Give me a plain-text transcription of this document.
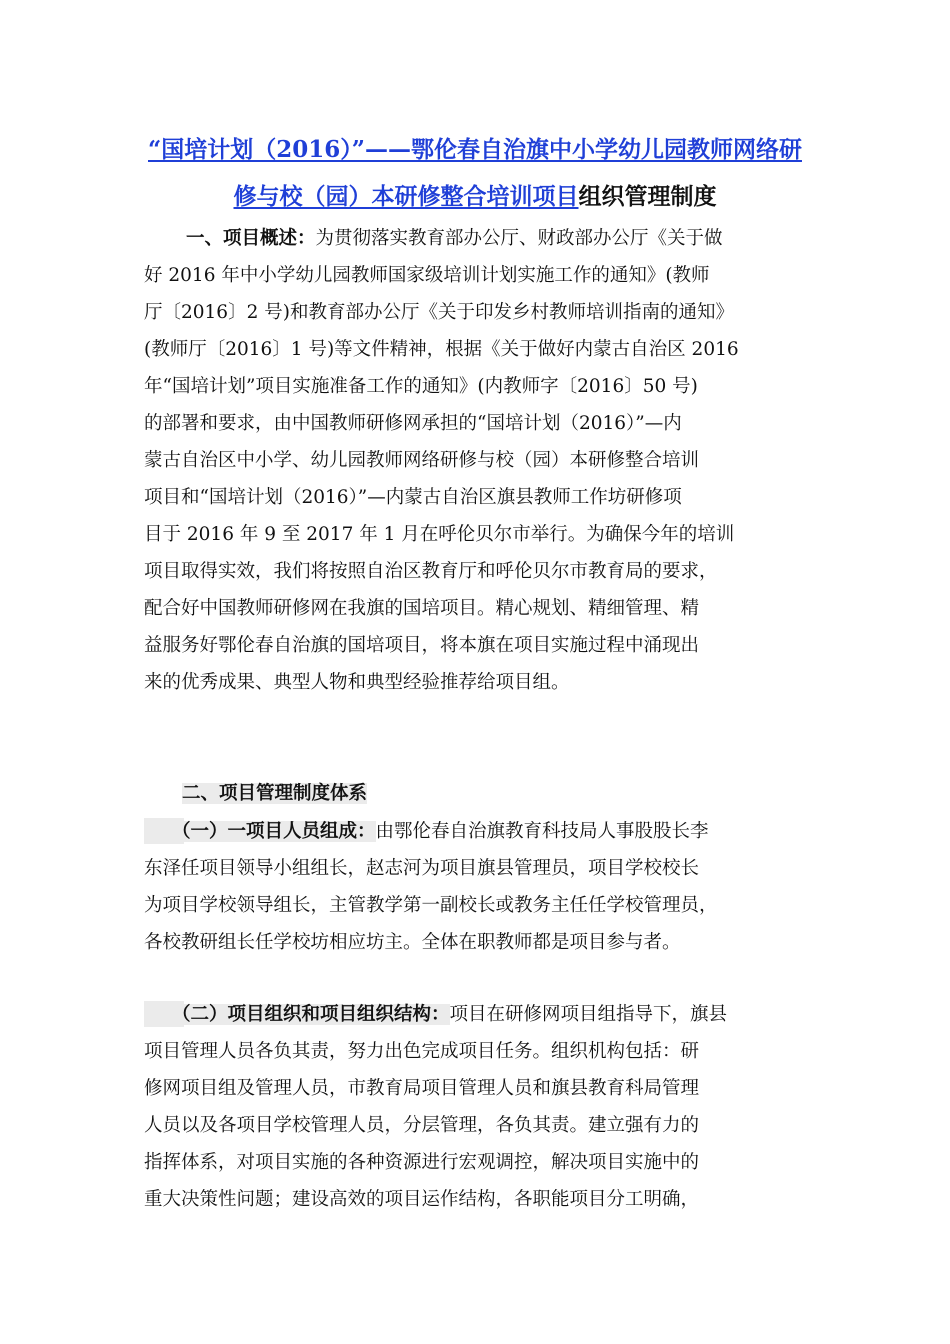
“国培计划（2016）”——鄂伦春自治旗中小学幼儿园教师网络研
修与校（园）本研修整合培训项目组织管理制度
一、项目概述：为贯彻落实教育部办公厅、财政部办公厅《关于做
好 2016 年中小学幼儿园教师国家级培训计划实施工作的通知》(教师
厅〔2016〕2 号)和教育部办公厅《关于印发乡村教师培训指南的通知》
(教师厅〔2016〕1 号)等文件精神，根据《关于做好内蒙古自治区 2016
年“国培计划”项目实施准备工作的通知》(内教师字〔2016〕50 号)
的部署和要求，由中国教师研修网承担的“国培计划（2016）”—内
蒙古自治区中小学、幼儿园教师网络研修与校（园）本研修整合培训
项目和“国培计划（2016）”—内蒙古自治区旗县教师工作坊研修项
目于 2016 年 9 至 2017 年 1 月在呼伦贝尔市举行。为确保今年的培训
项目取得实效，我们将按照自治区教育厅和呼伦贝尔市教育局的要求，
配合好中国教师研修网在我旗的国培项目。精心规划、精细管理、精
益服务好鄂伦春自治旗的国培项目，将本旗在项目实施过程中涌现出
来的优秀成果、典型人物和典型经验推荐给项目组。
二、项目管理制度体系
（一）一项目人员组成：由鄂伦春自治旗教育科技局人事股股长李
东泽任项目领导小组组长，赵志河为项目旗县管理员，项目学校校长
为项目学校领导组长，主管教学第一副校长或教务主任任学校管理员，
各校教研组长任学校坊相应坊主。全体在职教师都是项目参与者。
（二）项目组织和项目组织结构：项目在研修网项目组指导下，旗县
项目管理人员各负其责，努力出色完成项目任务。组织机构包括：研
修网项目组及管理人员，市教育局项目管理人员和旗县教育科局管理
人员以及各项目学校管理人员，分层管理，各负其责。建立强有力的
指挥体系，对项目实施的各种资源进行宏观调控，解决项目实施中的
重大决策性问题；建设高效的项目运作结构，各职能项目分工明确，
